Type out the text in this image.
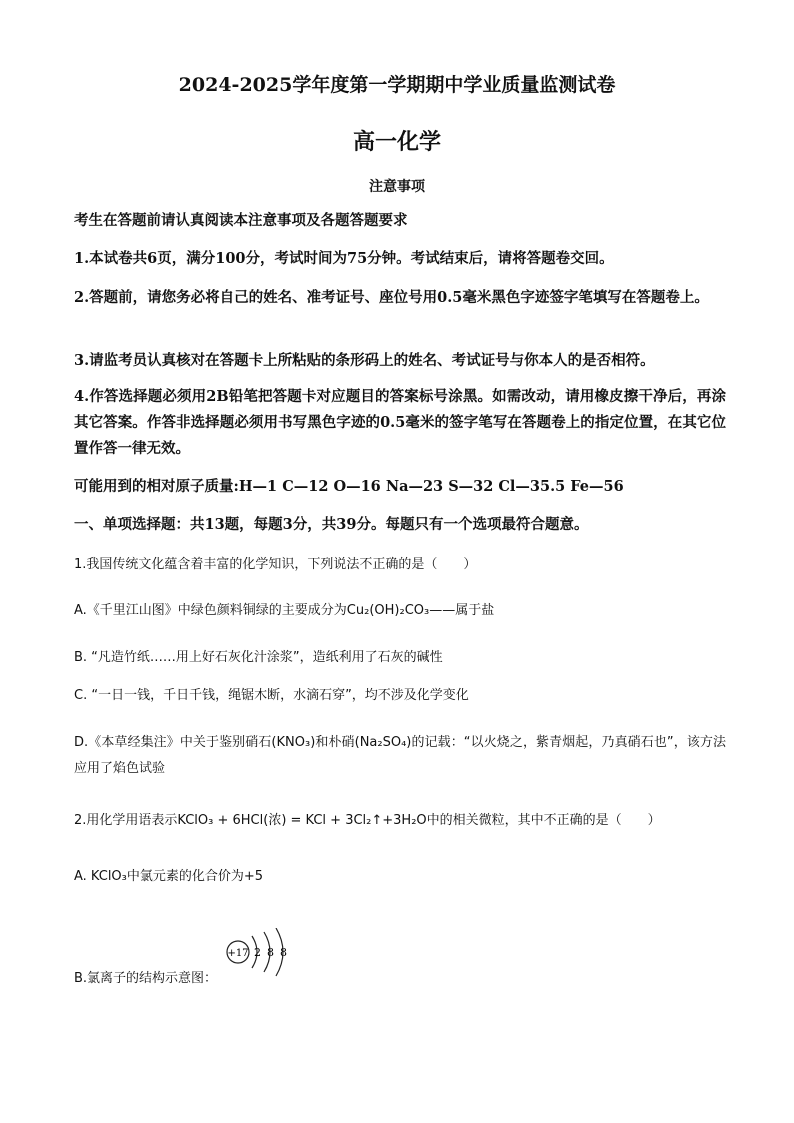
2024-2025学年度第一学期期中学业质量监测试卷
高一化学
注意事项
考生在答题前请认真阅读本注意事项及各题答题要求
1.本试卷共6页，满分100分，考试时间为75分钟。考试结束后，请将答题卷交回。
2.答题前，请您务必将自己的姓名、准考证号、座位号用0.5毫米黑色字迹签字笔填写在答题卷上。
3.请监考员认真核对在答题卡上所粘贴的条形码上的姓名、考试证号与你本人的是否相符。
4.作答选择题必须用2B铅笔把答题卡对应题目的答案标号涂黑。如需改动，请用橡皮擦干净后，再涂其它答案。作答非选择题必须用书写黑色字迹的0.5毫米的签字笔写在答题卷上的指定位置，在其它位置作答一律无效。
可能用到的相对原子质量:H—1 C—12 O—16 Na—23 S—32 Cl—35.5 Fe—56
一、单项选择题：共13题，每题3分，共39分。每题只有一个选项最符合题意。
1.我国传统文化蕴含着丰富的化学知识，下列说法不正确的是（　　）
A.《千里江山图》中绿色颜料铜绿的主要成分为Cu₂(OH)₂CO₃——属于盐
B. “凡造竹纸……用上好石灰化汁涂浆”，造纸利用了石灰的碱性
C. “一日一钱，千日千钱，绳锯木断，水滴石穿”，均不涉及化学变化
D.《本草经集注》中关于鉴别硝石(KNO₃)和朴硝(Na₂SO₄)的记载：“以火烧之，紫青烟起，乃真硝石也”，该方法应用了焰色试验
2.用化学用语表示KClO₃ + 6HCl(浓) = KCl + 3Cl₂↑+3H₂O中的相关微粒，其中不正确的是（　　）
A. KClO₃中氯元素的化合价为+5
B.氯离子的结构示意图：
+17 2 8 8
